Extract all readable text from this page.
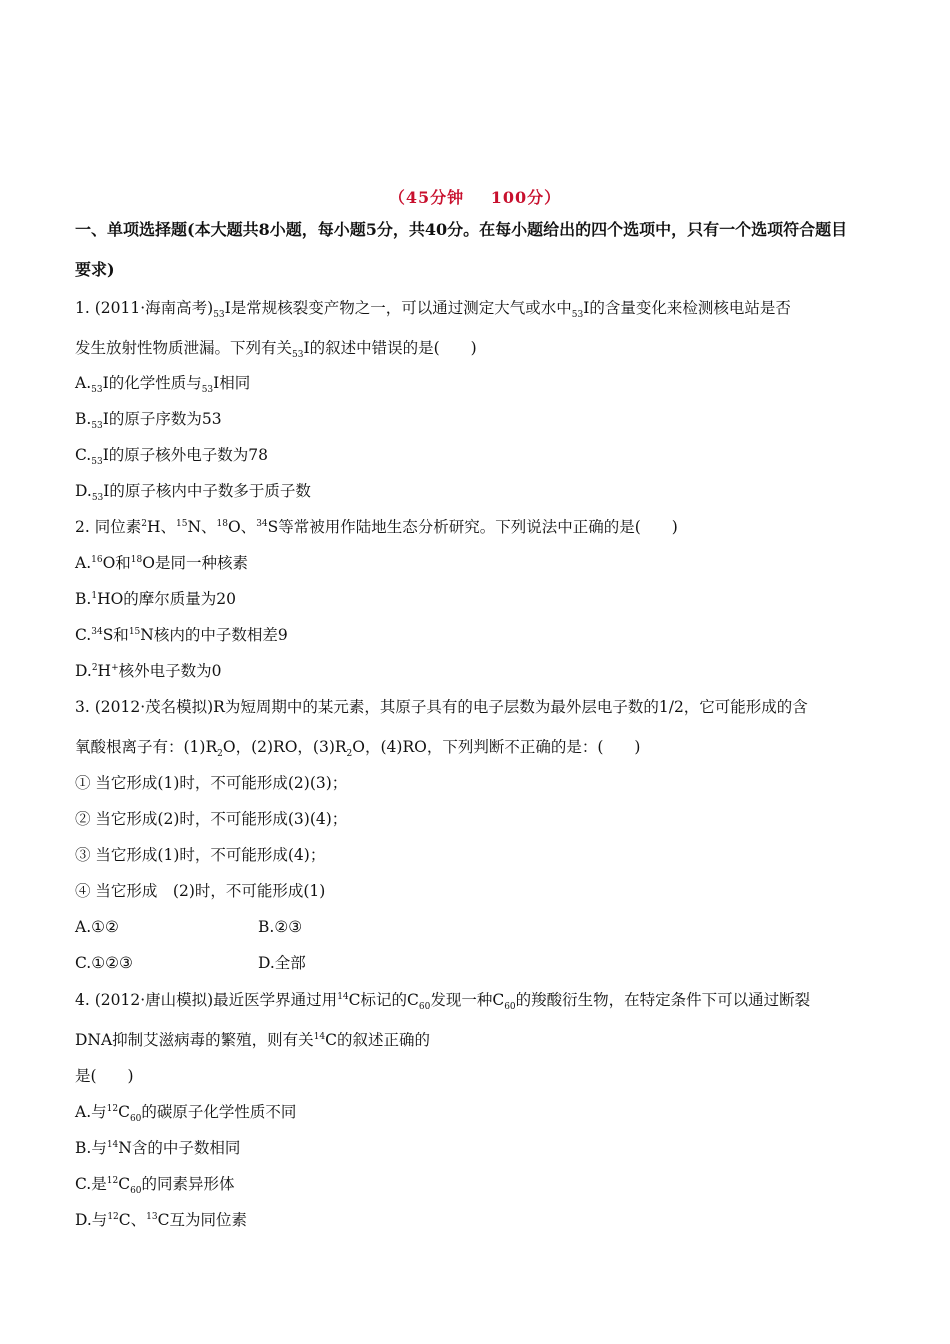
（45分钟 100分）
一、单项选择题(本大题共8小题，每小题5分，共40分。在每小题给出的四个选项中，只有一个选项符合题目
要求)
1. (2011·海南高考)$_{53}I$是常规核裂变产物之一，可以通过测定大气或水中$_{53}$I的含量变化来检测核电站是否
发生放射性物质泄漏。下列有关$_{53}$I的叙述中错误的是(　　)
$A._{53}I$的化学性质与$_{53}$I相同
$B._{53}I$的原子序数为53
$C._{53}I$的原子核外电子数为78
$D._{53}I$的原子核内中子数多于质子数
2. 同位素$^2$H、$^{15}$N、$^{18}$O、$^{34}$S等常被用作陆地生态分析研究。下列说法中正确的是(　　)
A.$^{16}$O和$^{18}$O是同一种核素
B.$^1$HO的摩尔质量为20
C.$^{34}$S和$^{15}$N核内的中子数相差9
D.$^2$H+核外电子数为0
3. (2012·茂名模拟)R为短周期中的某元素，其原子具有的电子层数为最外层电子数的1/2，它可能形成的含
氧酸根离子有：$(1)R_2O$，(2)RO，$(3)R_2O$，(4)RO，下列判断不正确的是：(　　)
① 当它形成(1)时，不可能形成(2)(3)；
② 当它形成(2)时，不可能形成(3)(4)；
③ 当它形成(1)时，不可能形成(4)；
④ 当它形成　(2)时，不可能形成(1)
A.①②	B.②③
C.①②③	D.全部
4. (2012·唐山模拟)最近医学界通过用$^{14}$C标记的$C_{60}$发现一种$C_{60}$的羧酸衍生物，在特定条件下可以通过断裂
DNA抑制艾滋病毒的繁殖，则有关$^{14}$C的叙述正确的
是(　　)
A.与$^{12}C_{60}$的碳原子化学性质不同
B.与$^{14}$N含的中子数相同
C.是$^{12}C_{60}$的同素异形体
D.与$^{12}$C、$^{13}$C互为同位素
